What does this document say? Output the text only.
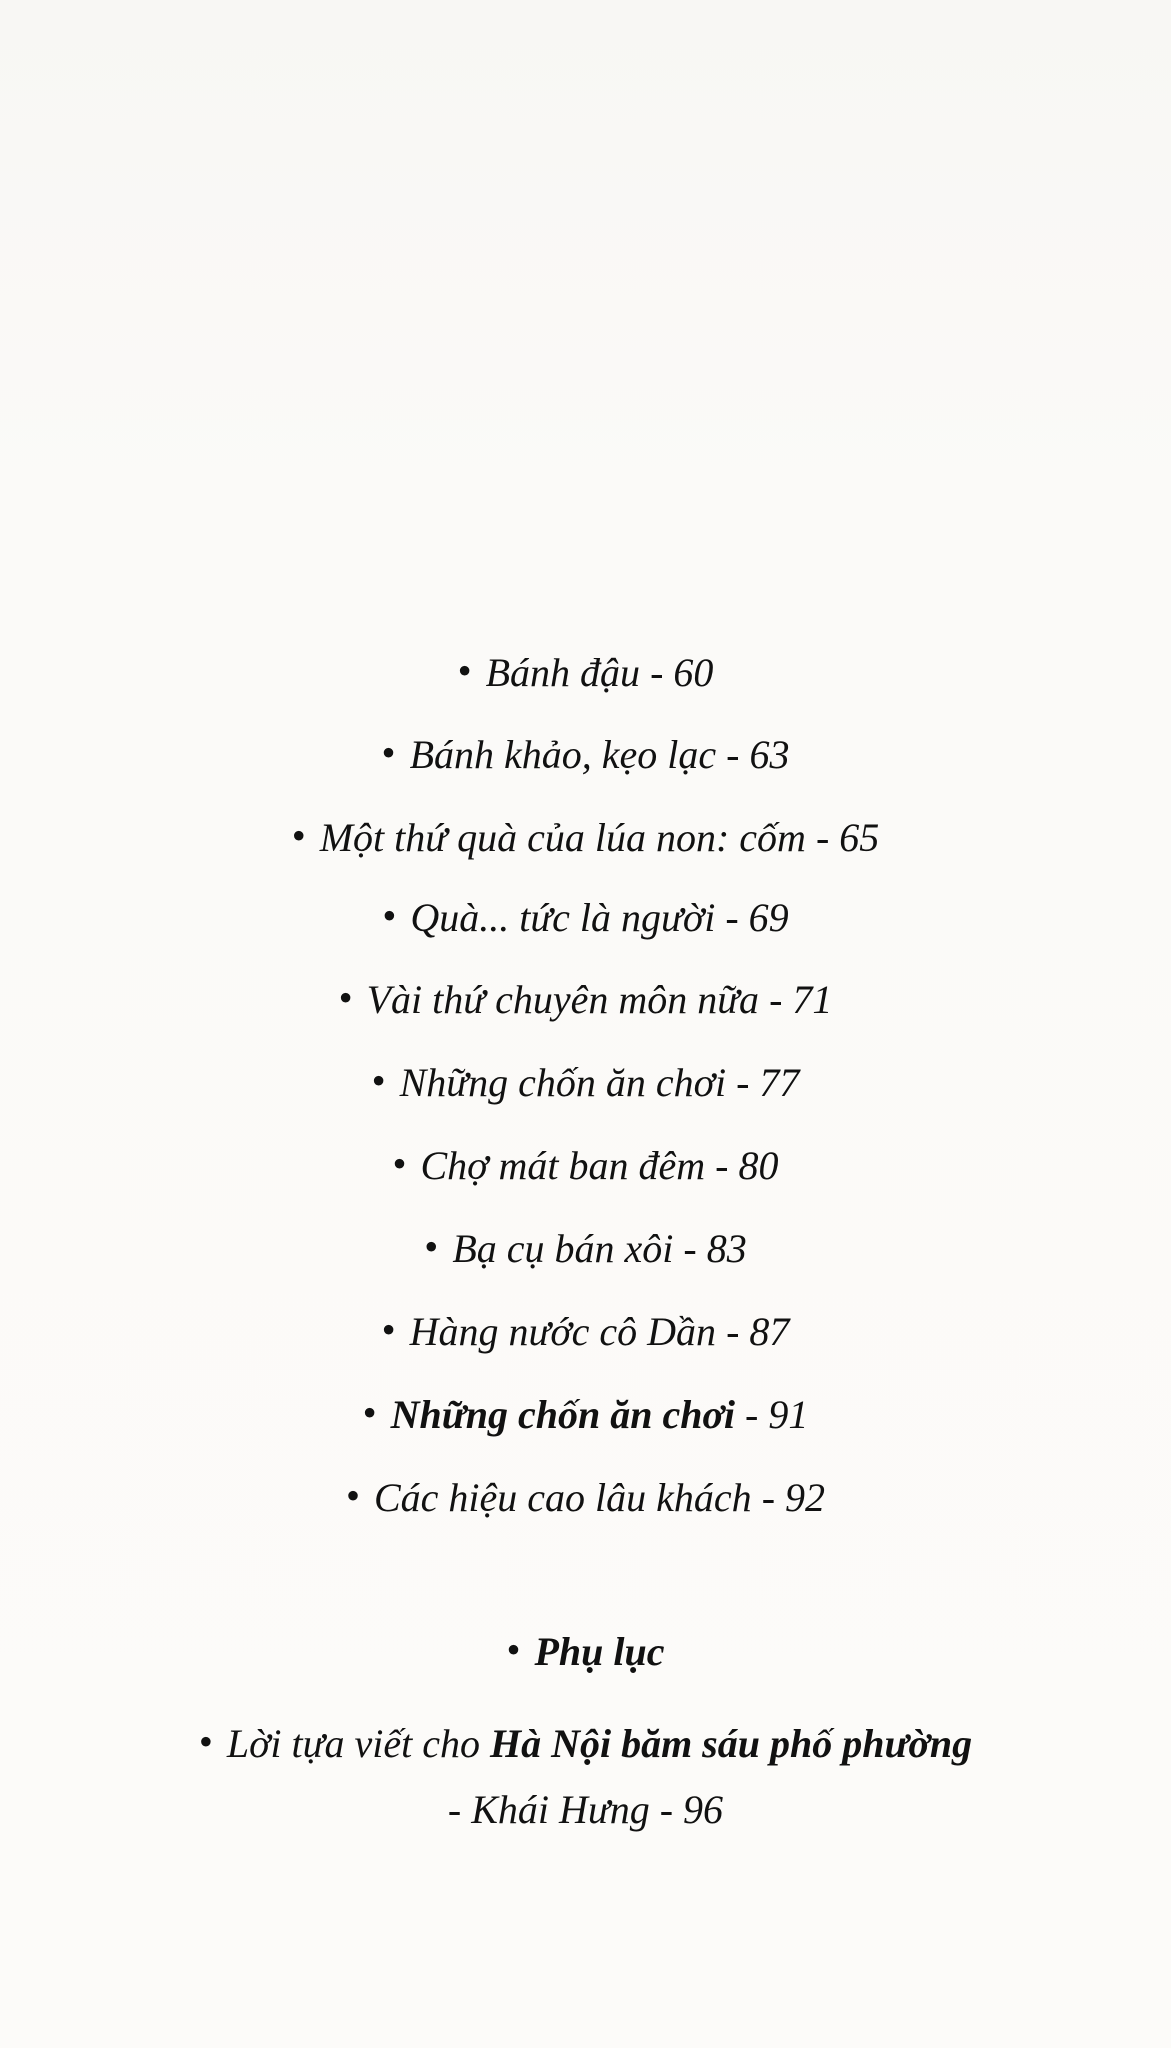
• Bánh đậu - 60
• Bánh khảo, kẹo lạc - 63
• Một thứ quà của lúa non: cốm - 65
• Quà... tức là người - 69
• Vài thứ chuyên môn nữa - 71
• Những chốn ăn chơi - 77
• Chợ mát ban đêm - 80
• Bạ cụ bán xôi - 83
• Hàng nước cô Dần - 87
• Những chốn ăn chơi - 91
• Các hiệu cao lâu khách - 92
• Phụ lục
• Lời tựa viết cho Hà Nội băm sáu phố phường
- Khái Hưng - 96
